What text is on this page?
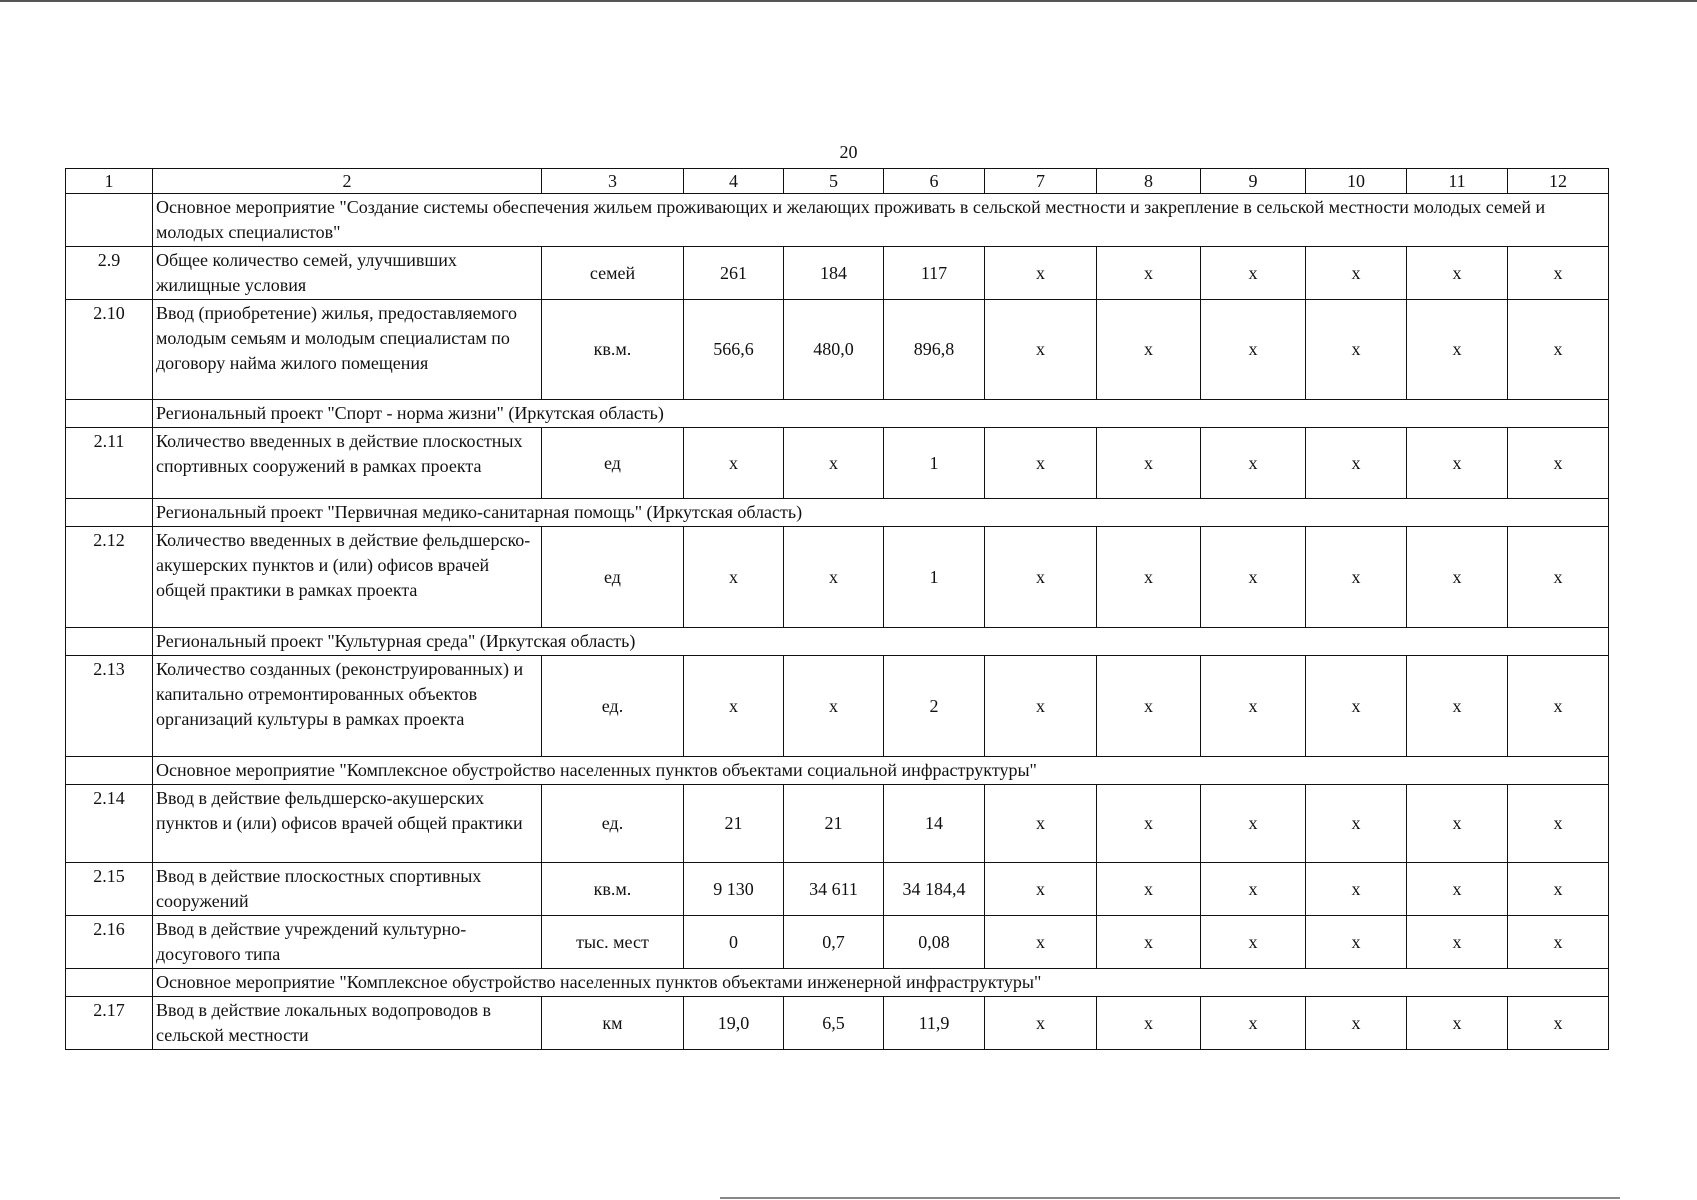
20
1	2	3	4	5	6	7	8	9	10	11	12
	Основное мероприятие "Создание системы обеспечения жильем проживающих и желающих проживать в сельской местности и закрепление в сельской местности молодых семей и молодых специалистов"										
2.9	Общее количество семей, улучшивших жилищные условия	семей	261	184	117	х	х	х	х	х	х
2.10	Ввод (приобретение) жилья, предоставляемого молодым семьям и молодым специалистам по договору найма жилого помещения	кв.м.	566,6	480,0	896,8	х	х	х	х	х	х
	Региональный проект "Спорт - норма жизни" (Иркутская область)										
2.11	Количество введенных в действие плоскостных спортивных сооружений в рамках проекта	ед	х	х	1	х	х	х	х	х	х
	Региональный проект "Первичная медико-санитарная помощь" (Иркутская область)										
2.12	Количество введенных в действие фельдшерско-акушерских пунктов и (или) офисов врачей общей практики в рамках проекта	ед	х	х	1	х	х	х	х	х	х
	Региональный проект "Культурная среда" (Иркутская область)										
2.13	Количество созданных (реконструированных) и капитально отремонтированных объектов организаций культуры в рамках проекта	ед.	х	х	2	х	х	х	х	х	х
	Основное мероприятие "Комплексное обустройство населенных пунктов объектами социальной инфраструктуры"										
2.14	Ввод в действие фельдшерско-акушерских пунктов и (или) офисов врачей общей практики	ед.	21	21	14	х	х	х	х	х	х
2.15	Ввод в действие плоскостных спортивных сооружений	кв.м.	9 130	34 611	34 184,4	х	х	х	х	х	х
2.16	Ввод в действие учреждений культурно-досугового типа	тыс. мест	0	0,7	0,08	х	х	х	х	х	х
	Основное мероприятие "Комплексное обустройство населенных пунктов объектами инженерной инфраструктуры"										
2.17	Ввод в действие локальных водопроводов в сельской местности	км	19,0	6,5	11,9	х	х	х	х	х	х
